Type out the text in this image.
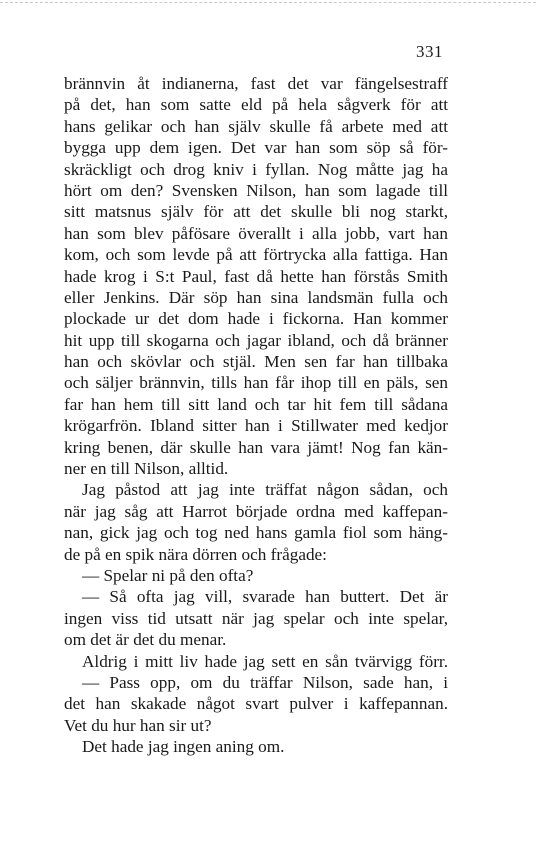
331
brännvin åt indianerna, fast det var fängelsestraff
på det, han som satte eld på hela sågverk för att
hans gelikar och han själv skulle få arbete med att
bygga upp dem igen. Det var han som söp så för-
skräckligt och drog kniv i fyllan. Nog måtte jag ha
hört om den? Svensken Nilson, han som lagade till
sitt matsnus själv för att det skulle bli nog starkt,
han som blev påfösare överallt i alla jobb, vart han
kom, och som levde på att förtrycka alla fattiga. Han
hade krog i S:t Paul, fast då hette han förstås Smith
eller Jenkins. Där söp han sina landsmän fulla och
plockade ur det dom hade i fickorna. Han kommer
hit upp till skogarna och jagar ibland, och då bränner
han och skövlar och stjäl. Men sen far han tillbaka
och säljer brännvin, tills han får ihop till en päls, sen
far han hem till sitt land och tar hit fem till sådana
krögarfrön. Ibland sitter han i Stillwater med kedjor
kring benen, där skulle han vara jämt! Nog fan kän-
ner en till Nilson, alltid.
Jag påstod att jag inte träffat någon sådan, och
när jag såg att Harrot började ordna med kaffepan-
nan, gick jag och tog ned hans gamla fiol som häng-
de på en spik nära dörren och frågade:
— Spelar ni på den ofta?
— Så ofta jag vill, svarade han buttert. Det är
ingen viss tid utsatt när jag spelar och inte spelar,
om det är det du menar.
Aldrig i mitt liv hade jag sett en sån tvärvigg förr.
— Pass opp, om du träffar Nilson, sade han, i
det han skakade något svart pulver i kaffepannan.
Vet du hur han sir ut?
Det hade jag ingen aning om.
